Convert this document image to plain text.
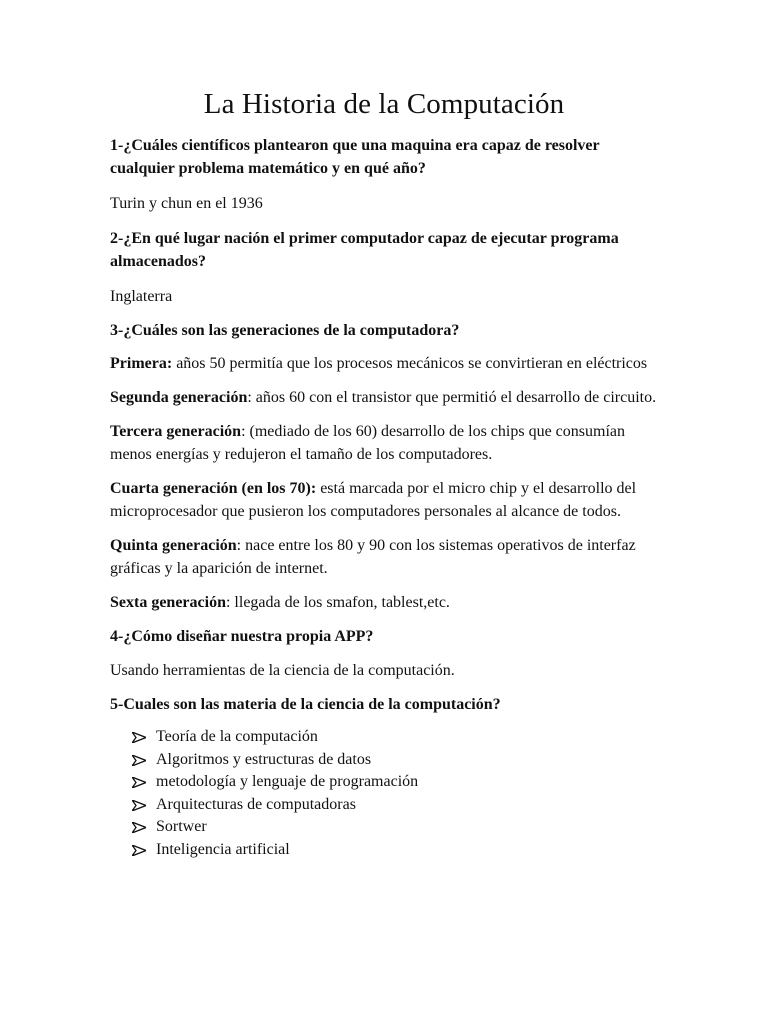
La Historia de la Computación

1-¿Cuáles científicos plantearon que una maquina era capaz de resolver cualquier problema matemático y en qué año?

Turin y chun en el 1936

2-¿En qué lugar nación el primer computador capaz de ejecutar programa almacenados?

Inglaterra

3-¿Cuáles son las generaciones de la computadora?

Primera: años 50 permitía que los procesos mecánicos se convirtieran en eléctricos

Segunda generación: años 60 con el transistor que permitió el desarrollo de circuito.

Tercera generación: (mediado de los 60) desarrollo de los chips que consumían menos energías y redujeron el tamaño de los computadores.

Cuarta generación (en los 70): está marcada por el micro chip y el desarrollo del microprocesador que pusieron los computadores personales al alcance de todos.

Quinta generación: nace entre los 80 y 90 con los sistemas operativos de interfaz gráficas y la aparición de internet.

Sexta generación: llegada de los smafon, tablest,etc.

4-¿Cómo diseñar nuestra propia APP?

Usando herramientas de la ciencia de la computación.

5-Cuales son las materia de la ciencia de la computación?

Teoría de la computación
Algoritmos y estructuras de datos
metodología y lenguaje de programación
Arquitecturas de computadoras
Sortwer
Inteligencia artificial
